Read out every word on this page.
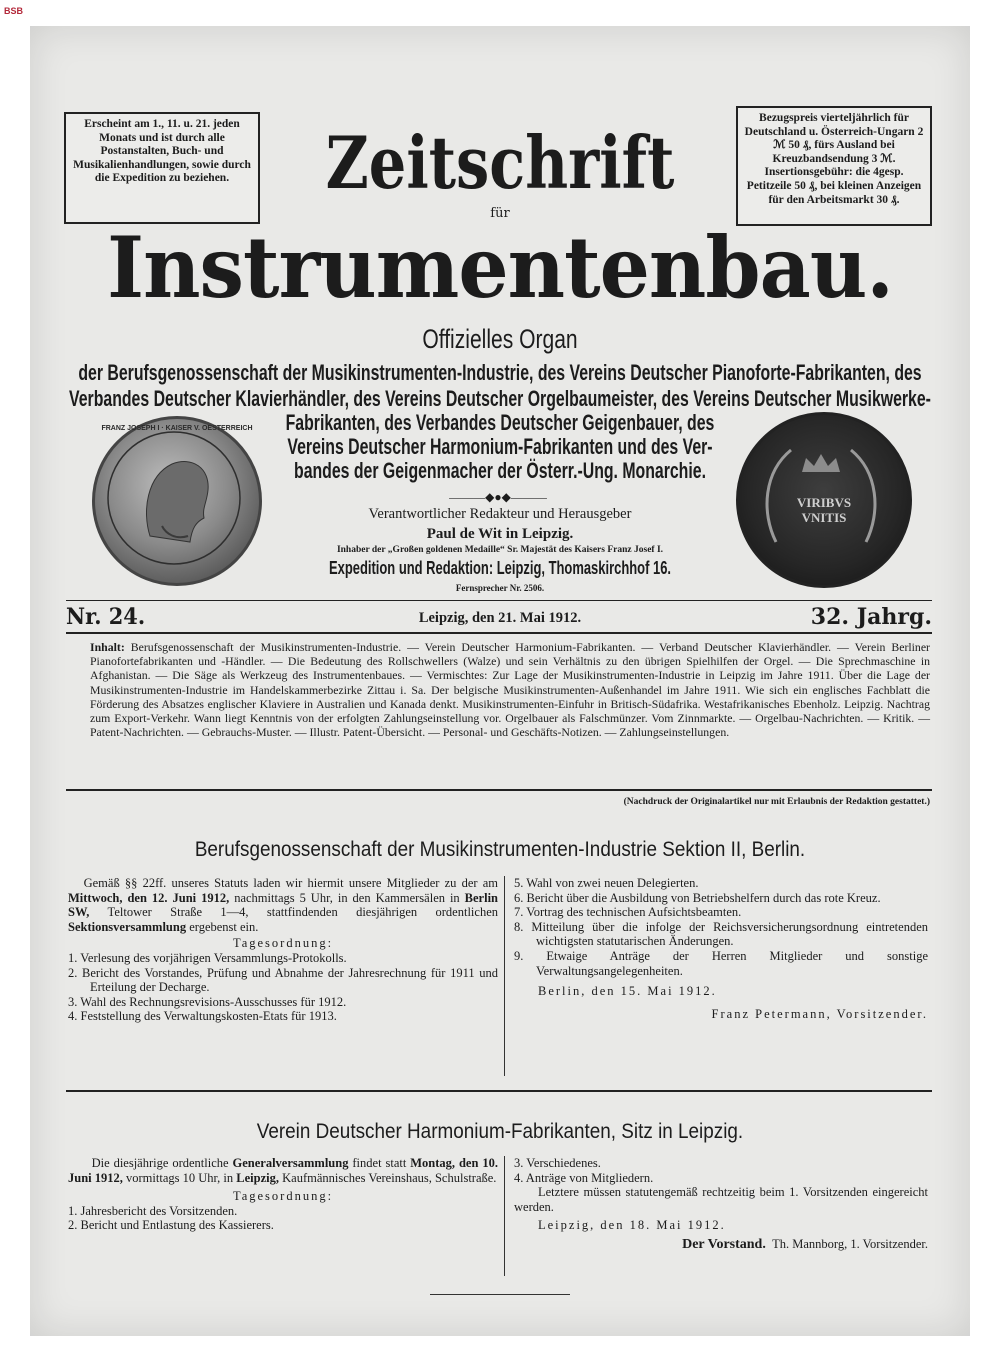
BSB
Erscheint am 1., 11. u. 21. jeden Monats und ist durch alle Postanstalten, Buch- und Musikalienhandlungen, sowie durch die Expedition zu beziehen.
Bezugspreis vierteljährlich für Deutschland u. Österreich-Ungarn 2 ℳ 50 ₰, fürs Ausland bei Kreuzbandsendung 3 ℳ. Insertionsgebühr: die 4gesp. Petitzeile 50 ₰, bei kleinen Anzeigen für den Arbeitsmarkt 30 ₰.
Zeitschrift
für
Instrumentenbau.
Offizielles Organ
der Berufsgenossenschaft der Musikinstrumenten-Industrie, des Vereins Deutscher Pianoforte-Fabrikanten, des
Verbandes Deutscher Klavierhändler, des Vereins Deutscher Orgelbaumeister, des Vereins Deutscher Musikwerke-
Fabrikanten, des Verbandes Deutscher Geigenbauer, des
Vereins Deutscher Harmonium-Fabrikanten und des Ver-
bandes der Geigenmacher der Österr.-Ung. Monarchie.
FRANZ JOSEPH I · KAISER V. OESTERREICH
VIRIBVS VNITIS
―――◆●◆―――
Verantwortlicher Redakteur und Herausgeber
Paul de Wit in Leipzig.
Inhaber der „Großen goldenen Medaille“ Sr. Majestät des Kaisers Franz Josef I.
Expedition und Redaktion: Leipzig, Thomaskirchhof 16.
Fernsprecher Nr. 2506.
Nr. 24.	Leipzig, den 21. Mai 1912.	32. Jahrg.
Inhalt: Berufsgenossenschaft der Musikinstrumenten-Industrie. — Verein Deutscher Harmonium-Fabrikanten. — Verband Deutscher Klavierhändler. — Verein Berliner Pianofortefabrikanten und -Händler. — Die Bedeutung des Rollschwellers (Walze) und sein Verhältnis zu den übrigen Spielhilfen der Orgel. — Die Sprechmaschine in Afghanistan. — Die Säge als Werkzeug des Instrumentenbaues. — Vermischtes: Zur Lage der Musikinstrumenten-Industrie in Leipzig im Jahre 1911. Über die Lage der Musikinstrumenten-Industrie im Handelskammerbezirke Zittau i. Sa. Der belgische Musikinstrumenten-Außenhandel im Jahre 1911. Wie sich ein englisches Fachblatt die Förderung des Absatzes englischer Klaviere in Australien und Kanada denkt. Musikinstrumenten-Einfuhr in Britisch-Südafrika. Westafrikanisches Ebenholz. Leipzig. Nachtrag zum Export-Verkehr. Wann liegt Kenntnis von der erfolgten Zahlungseinstellung vor. Orgelbauer als Falschmünzer. Vom Zinnmarkte. — Orgelbau-Nachrichten. — Kritik. — Patent-Nachrichten. — Gebrauchs-Muster. — Illustr. Patent-Übersicht. — Personal- und Geschäfts-Notizen. — Zahlungseinstellungen.
(Nachdruck der Originalartikel nur mit Erlaubnis der Redaktion gestattet.)
Berufsgenossenschaft der Musikinstrumenten-Industrie Sektion II, Berlin.

Gemäß §§ 22ff. unseres Statuts laden wir hiermit unsere Mitglieder zu der am Mittwoch, den 12. Juni 1912, nachmittags 5 Uhr, in den Kammersälen in Berlin SW, Teltower Straße 1—4, stattfindenden diesjährigen ordentlichen Sektionsversammlung ergebenst ein.

Tagesordnung:

1. Verlesung des vorjährigen Versammlungs-Protokolls.
2. Bericht des Vorstandes, Prüfung und Abnahme der Jahresrechnung für 1911 und Erteilung der Decharge.
3. Wahl des Rechnungsrevisions-Ausschusses für 1912.
4. Feststellung des Verwaltungskosten-Etats für 1913.
5. Wahl von zwei neuen Delegierten.
6. Bericht über die Ausbildung von Betriebshelfern durch das rote Kreuz.
7. Vortrag des technischen Aufsichtsbeamten.
8. Mitteilung über die infolge der Reichsversicherungsordnung eintretenden wichtigsten statutarischen Änderungen.
9. Etwaige Anträge der Herren Mitglieder und sonstige Verwaltungsangelegenheiten.

Berlin, den 15. Mai 1912.

Franz Petermann, Vorsitzender.

Verein Deutscher Harmonium-Fabrikanten, Sitz in Leipzig.

Die diesjährige ordentliche Generalversammlung findet statt Montag, den 10. Juni 1912, vormittags 10 Uhr, in Leipzig, Kaufmännisches Vereinshaus, Schulstraße.

Tagesordnung:

1. Jahresbericht des Vorsitzenden.
2. Bericht und Entlastung des Kassierers.
3. Verschiedenes.
4. Anträge von Mitgliedern.

Letztere müssen statutengemäß rechtzeitig beim 1. Vorsitzenden eingereicht werden.

Leipzig, den 18. Mai 1912.

Der Vorstand. Th. Mannborg, 1. Vorsitzender.
